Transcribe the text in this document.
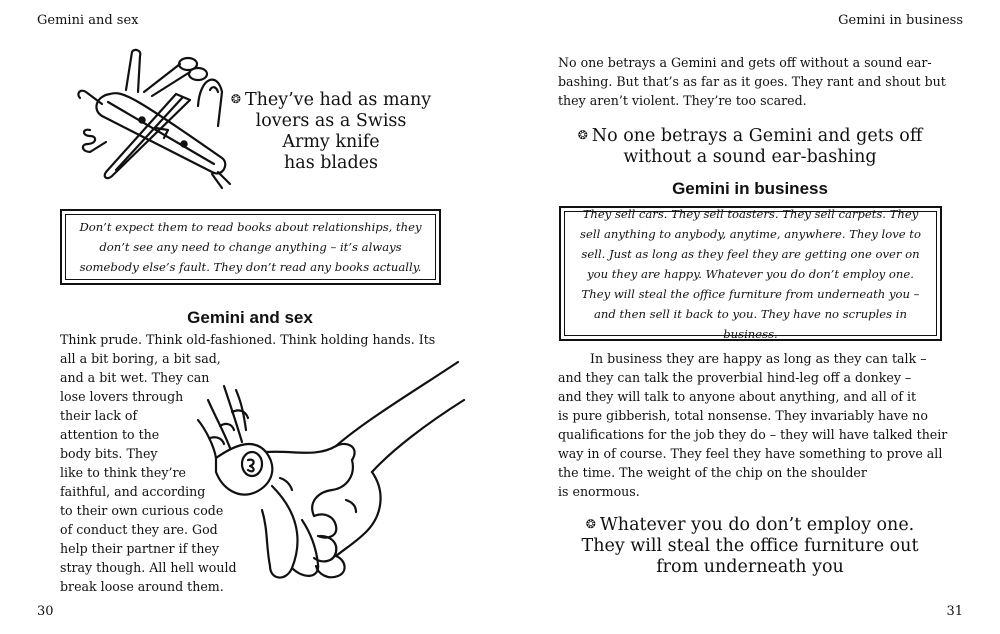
Gemini and sex
❂ They’ve had as many
lovers as a Swiss
Army knife
has blades
Don’t expect them to read books about relationships, they don’t see any need to change anything – it’s always somebody else’s fault. They don’t read any books actually.
Gemini and sex
Think prude. Think old-fashioned. Think holding hands. Its
all a bit boring, a bit sad,
and a bit wet. They can
lose lovers through
their lack of
attention to the
body bits. They
like to think they’re
faithful, and according
to their own curious code
of conduct they are. God
help their partner if they
stray though. All hell would
break loose around them.
30
Gemini in business
No one betrays a Gemini and gets off without a sound ear-
bashing. But that’s as far as it goes. They rant and shout but
they aren’t violent. They’re too scared.
❂ No one betrays a Gemini and gets off
without a sound ear-bashing
Gemini in business
They sell cars. They sell toasters. They sell carpets. They sell anything to anybody, anytime, anywhere. They love to sell. Just as long as they feel they are getting one over on you they are happy. Whatever you do don’t employ one. They will steal the office furniture from underneath you – and then sell it back to you. They have no scruples in business.
In business they are happy as long as they can talk –
and they can talk the proverbial hind-leg off a donkey –
and they will talk to anyone about anything, and all of it
is pure gibberish, total nonsense. They invariably have no
qualifications for the job they do – they will have talked their
way in of course. They feel they have something to prove all
the time. The weight of the chip on the shoulder
is enormous.
❂ Whatever you do don’t employ one.
They will steal the office furniture out
from underneath you
31
